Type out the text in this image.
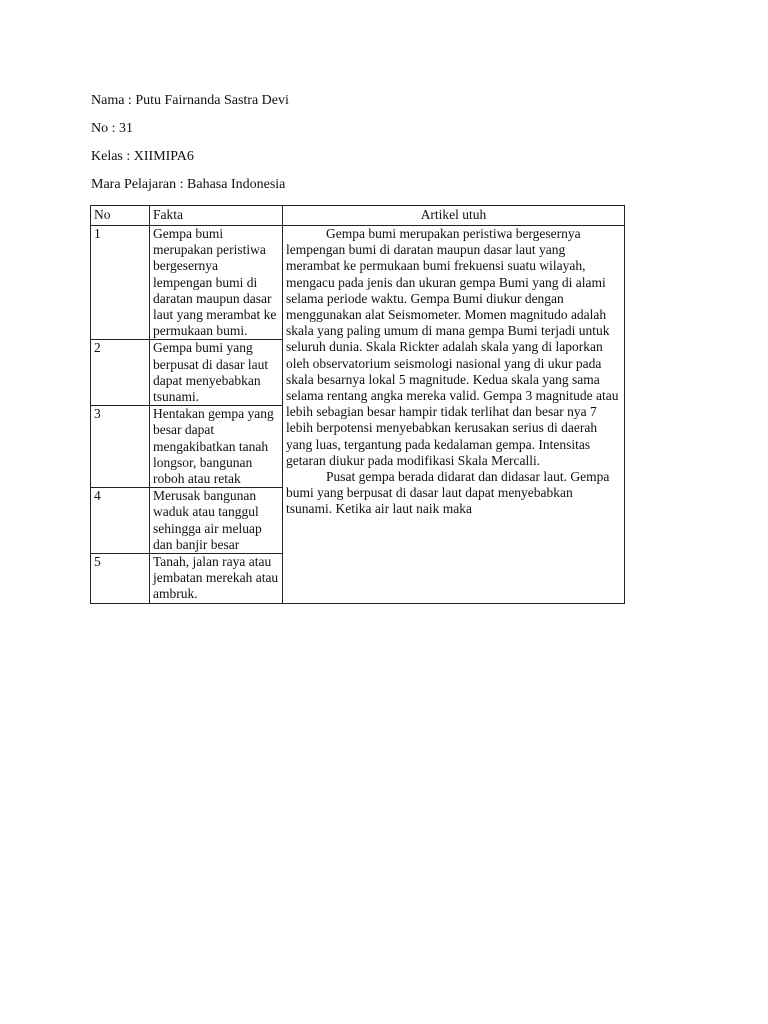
Nama : Putu Fairnanda Sastra Devi
No : 31
Kelas : XIIMIPA6
Mara Pelajaran : Bahasa Indonesia
No	Fakta	Artikel utuh
1	Gempa bumi merupakan peristiwa bergesernya lempengan bumi di daratan maupun dasar laut yang merambat ke permukaan bumi.	Gempa bumi merupakan peristiwa bergesernya lempengan bumi di daratan maupun dasar laut yang merambat ke permukaan bumi frekuensi suatu wilayah, mengacu pada jenis dan ukuran gempa Bumi yang di alami selama periode waktu. Gempa Bumi diukur dengan menggunakan alat Seismometer. Momen magnitudo adalah skala yang paling umum di mana gempa Bumi terjadi untuk seluruh dunia. Skala Rickter adalah skala yang di laporkan oleh observatorium seismologi nasional yang di ukur pada skala besarnya lokal 5 magnitude. Kedua skala yang sama selama rentang angka mereka valid. Gempa 3 magnitude atau lebih sebagian besar hampir tidak terlihat dan besar nya 7 lebih berpotensi menyebabkan kerusakan serius di daerah yang luas, tergantung pada kedalaman gempa. Intensitas getaran diukur pada modifikasi Skala Mercalli.

Pusat gempa berada didarat dan didasar laut. Gempa bumi yang berpusat di dasar laut dapat menyebabkan tsunami. Ketika air laut naik maka

2	Gempa bumi yang berpusat di dasar laut dapat menyebabkan tsunami.	
3	Hentakan gempa yang besar dapat mengakibatkan tanah longsor, bangunan roboh atau retak	
4	Merusak bangunan waduk atau tanggul sehingga air meluap dan banjir besar	
5	Tanah, jalan raya atau jembatan merekah atau ambruk.	
